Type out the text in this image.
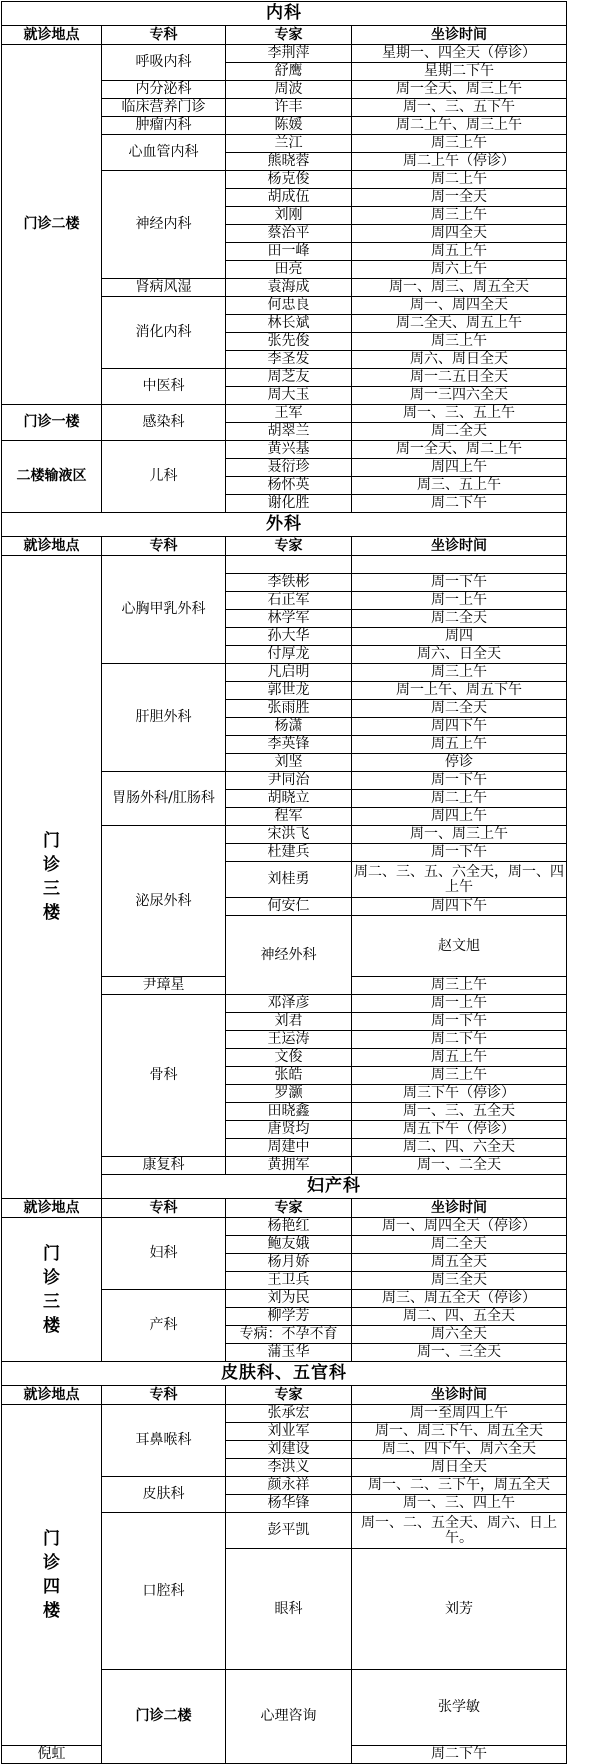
内科				
就诊地点	专科	专家	坐诊时间	
门诊二楼	呼吸内科	李荆萍	星期一、四全天（停诊）	
		舒鹰	星期二下午	
	内分泌科	周波	周一全天、周三上午	
	临床营养门诊	许丰	周一、三、五下午	
	肿瘤内科	陈媛	周二上午、周三上午	
	心血管内科	兰江	周三上午	
		熊晓蓉	周二上午（停诊）	
	神经内科	杨克俊	周二上午	
		胡成伍	周一全天	
		刘刚	周三上午	
		蔡治平	周四全天	
		田一峰	周五上午	
		田亮	周六上午	
	肾病风湿	袁海成	周一、周三、周五全天	
	消化内科	何忠良	周一、周四全天	
		林长斌	周二全天、周五上午	
		张先俊	周三上午	
		李圣发	周六、周日全天	
	中医科	周芝友	周一二五日全天	
		周大玉	周一三四六全天	
门诊一楼	感染科	王军	周一、三、五上午	
		胡翠兰	周二全天	
二楼输液区	儿科	黄兴基	周一全天、周二上午	
		聂衍珍	周四上午	
		杨怀英	周三、五上午	
		谢化胜	周二下午	
外科				
就诊地点	专科	专家	坐诊时间	

门
诊
三
楼	心胸甲乳外科			
		李铁彬	周一下午	
		石正军	周一上午	
		林学军	周二全天	
		孙大华	周四	
		付厚龙	周六、日全天	
	肝胆外科	凡启明	周三上午	
		郭世龙	周一上午、周五下午	
		张雨胜	周二全天	
		杨潇	周四下午	
		李英锋	周五上午	
		刘坚	停诊	
	胃肠外科/肛肠科	尹同治	周一下午	
		胡晓立	周二上午	
		程军	周四上午	
	泌尿外科	宋洪飞	周一、周三上午	
		杜建兵	周一下午	
		刘桂勇	周二、三、五、六全天，周一、四上午	
		何安仁	周四下午	
		神经外科	赵文旭	
	尹璋星		周三上午	
	骨科	邓泽彦	周一上午	
		刘君	周一下午	
		王运涛	周二下午	
		文俊	周五上午	
		张皓	周三上午	
		罗灏	周三下午（停诊）	
		田晓鑫	周一、三、五全天	
		唐贤均	周五下午（停诊）	
		周建中	周二、四、六全天	
	康复科	黄拥军	周一、二全天	
	妇产科			
就诊地点	专科	专家	坐诊时间	

门
诊
三
楼	妇科	杨艳红	周一、周四全天（停诊）	
		鲍友娥	周二全天	
		杨月娇	周五全天	
		王卫兵	周三全天	
	产科	刘为民	周三、周五全天（停诊）	
		柳学芳	周二、四、五全天	
		专病：不孕不育	周六全天	
		蒲玉华	周一、三全天	
皮肤科、五官科				
就诊地点	专科	专家	坐诊时间	

门
诊
四
楼	耳鼻喉科	张承宏	周一至周四上午	
		刘业军	周一、周三下午、周五全天	
		刘建设	周二、四下午、周六全天	
		李洪义	周日全天	
	皮肤科	颜永祥	周一、二、三下午，周五全天	
		杨华锋	周一、三、四上午	
	口腔科	彭平凯	周一、二、五全天、周六、日上午。	
		眼科	刘芳	
	门诊二楼	心理咨询	张学敏	
倪虹			周二下午	
